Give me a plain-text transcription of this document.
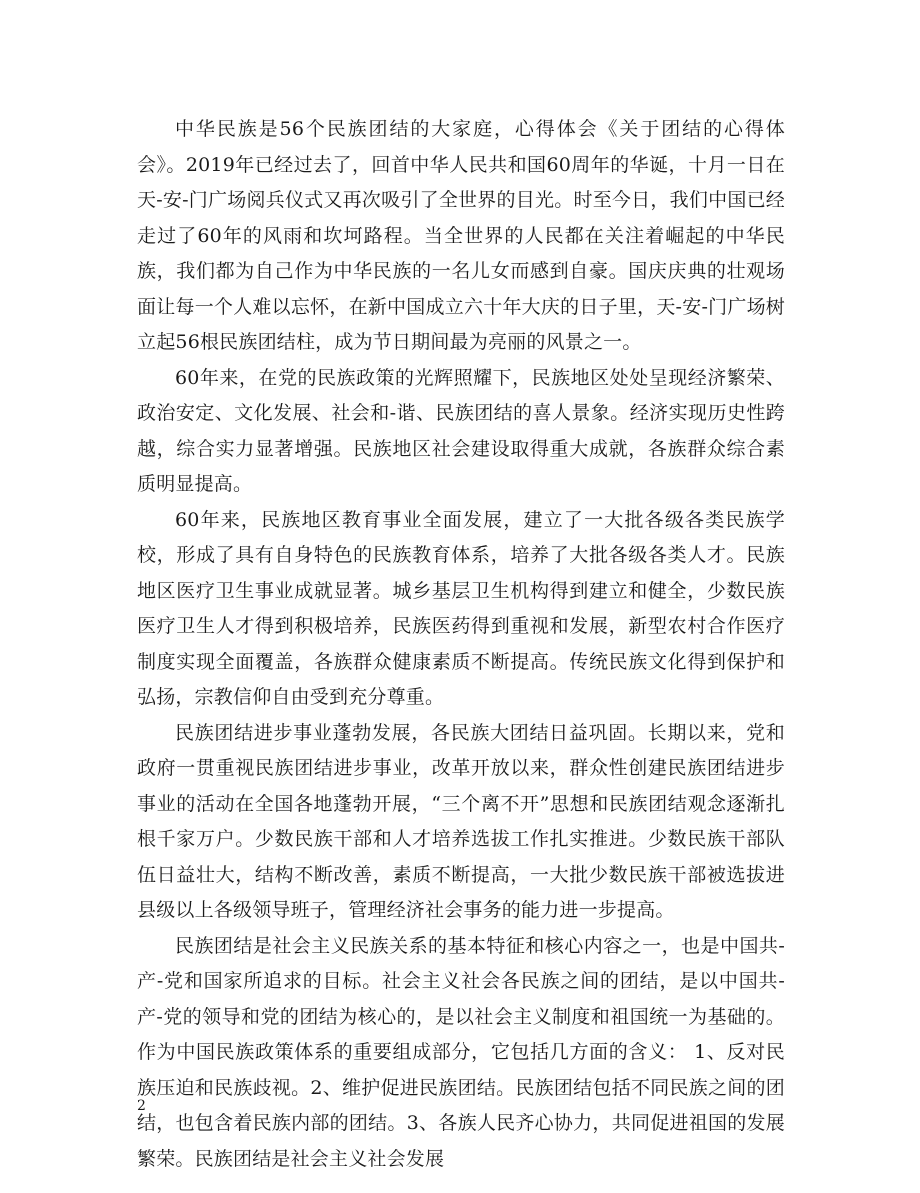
中华民族是56个民族团结的大家庭，心得体会《关于团结的心得体会》。2019年已经过去了，回首中华人民共和国60周年的华诞，十月一日在天-安-门广场阅兵仪式又再次吸引了全世界的目光。时至今日，我们中国已经走过了60年的风雨和坎坷路程。当全世界的人民都在关注着崛起的中华民族，我们都为自己作为中华民族的一名儿女而感到自豪。国庆庆典的壮观场面让每一个人难以忘怀，在新中国成立六十年大庆的日子里，天-安-门广场树立起56根民族团结柱，成为节日期间最为亮丽的风景之一。

60年来，在党的民族政策的光辉照耀下，民族地区处处呈现经济繁荣、政治安定、文化发展、社会和-谐、民族团结的喜人景象。经济实现历史性跨越，综合实力显著增强。民族地区社会建设取得重大成就，各族群众综合素质明显提高。

60年来，民族地区教育事业全面发展，建立了一大批各级各类民族学校，形成了具有自身特色的民族教育体系，培养了大批各级各类人才。民族地区医疗卫生事业成就显著。城乡基层卫生机构得到建立和健全，少数民族医疗卫生人才得到积极培养，民族医药得到重视和发展，新型农村合作医疗制度实现全面覆盖，各族群众健康素质不断提高。传统民族文化得到保护和弘扬，宗教信仰自由受到充分尊重。

民族团结进步事业蓬勃发展，各民族大团结日益巩固。长期以来，党和政府一贯重视民族团结进步事业，改革开放以来，群众性创建民族团结进步事业的活动在全国各地蓬勃开展，“三个离不开”思想和民族团结观念逐渐扎根千家万户。少数民族干部和人才培养选拔工作扎实推进。少数民族干部队伍日益壮大，结构不断改善，素质不断提高，一大批少数民族干部被选拔进县级以上各级领导班子，管理经济社会事务的能力进一步提高。

民族团结是社会主义民族关系的基本特征和核心内容之一，也是中国共-产-党和国家所追求的目标。社会主义社会各民族之间的团结，是以中国共-产-党的领导和党的团结为核心的，是以社会主义制度和祖国统一为基础的。作为中国民族政策体系的重要组成部分，它包括几方面的含义： 1、反对民族压迫和民族歧视。2、维护促进民族团结。民族团结包括不同民族之间的团结，也包含着民族内部的团结。3、各族人民齐心协力，共同促进祖国的发展繁荣。民族团结是社会主义社会发展

2
